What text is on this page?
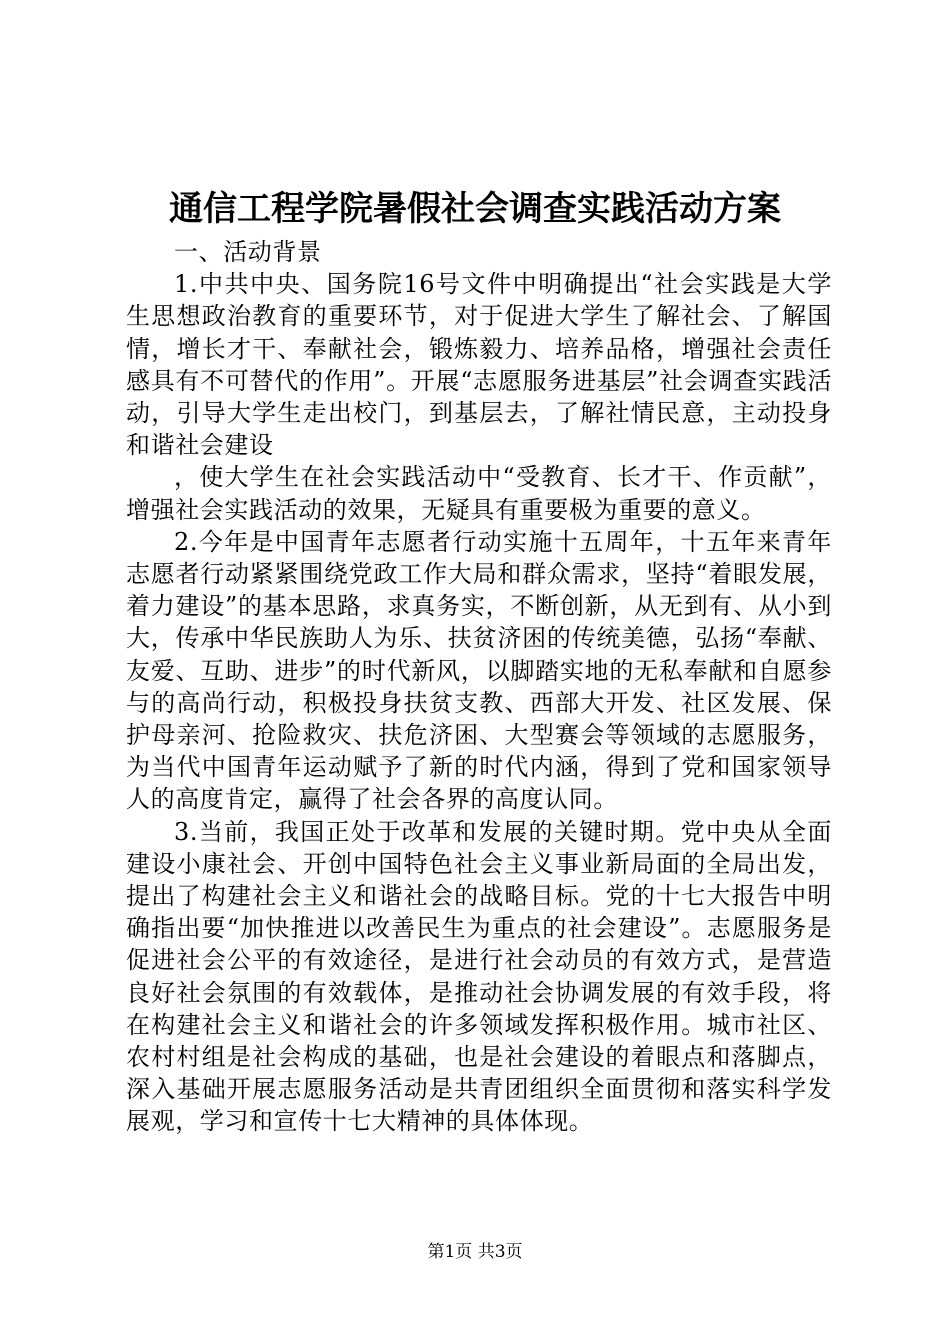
通信工程学院暑假社会调查实践活动方案

一、活动背景

1.中共中央、国务院16号文件中明确提出“社会实践是大学生思想政治教育的重要环节，对于促进大学生了解社会、了解国情，增长才干、奉献社会，锻炼毅力、培养品格，增强社会责任感具有不可替代的作用”。开展“志愿服务进基层”社会调查实践活动，引导大学生走出校门，到基层去，了解社情民意，主动投身和谐社会建设

，使大学生在社会实践活动中“受教育、长才干、作贡献”，增强社会实践活动的效果，无疑具有重要极为重要的意义。

2.今年是中国青年志愿者行动实施十五周年，十五年来青年志愿者行动紧紧围绕党政工作大局和群众需求，坚持“着眼发展，着力建设”的基本思路，求真务实，不断创新，从无到有、从小到大，传承中华民族助人为乐、扶贫济困的传统美德，弘扬“奉献、友爱、互助、进步”的时代新风，以脚踏实地的无私奉献和自愿参与的高尚行动，积极投身扶贫支教、西部大开发、社区发展、保护母亲河、抢险救灾、扶危济困、大型赛会等领域的志愿服务，为当代中国青年运动赋予了新的时代内涵，得到了党和国家领导人的高度肯定，赢得了社会各界的高度认同。

3.当前，我国正处于改革和发展的关键时期。党中央从全面建设小康社会、开创中国特色社会主义事业新局面的全局出发，提出了构建社会主义和谐社会的战略目标。党的十七大报告中明确指出要“加快推进以改善民生为重点的社会建设”。志愿服务是促进社会公平的有效途径，是进行社会动员的有效方式，是营造良好社会氛围的有效载体，是推动社会协调发展的有效手段，将在构建社会主义和谐社会的许多领域发挥积极作用。城市社区、农村村组是社会构成的基础，也是社会建设的着眼点和落脚点，深入基础开展志愿服务活动是共青团组织全面贯彻和落实科学发展观，学习和宣传十七大精神的具体体现。

第1页 共3页
